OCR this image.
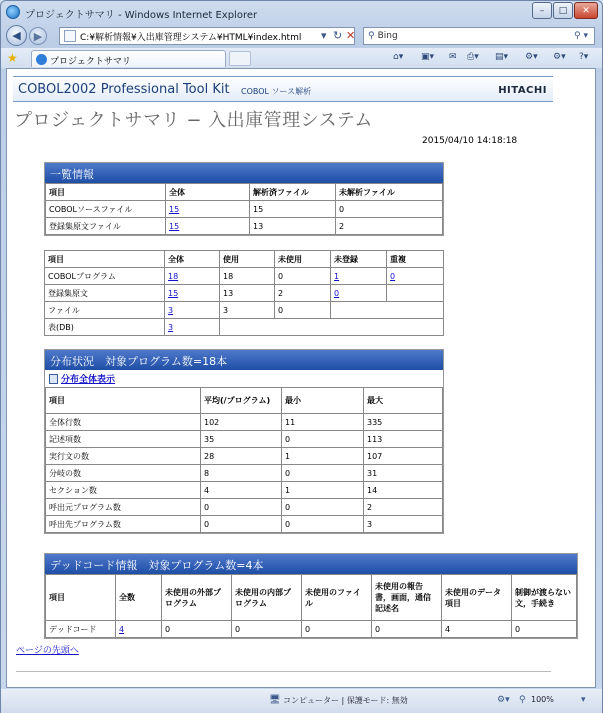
プロジェクトサマリ - Windows Internet Explorer	–	□	✕
◀	▶	C:¥解析情報¥入出庫管理システム¥HTML¥index.html ▾ ↻ ✕ ⚲ Bing	⚲ ▾
★	プロジェクトサマリ	⌂▾ ▣▾ ✉ ⎙▾ ▤▾ ⚙▾ ⚙▾ ?▾
COBOL2002 Professional Tool Kit COBOL ソース解析	HITACHI
プロジェクトサマリ − 入出庫管理システム
2015/04/10 14:18:18
一覧情報
項目	全体	解析済ファイル	未解析ファイル
COBOLソースファイル	15	15	0
登録集原文ファイル	15	13	2
項目	全体	使用	未使用	未登録	重複
COBOLプログラム	18	18	0	1	0
登録集原文	15	13	2	0	
ファイル	3	3	0		
表(DB)	3				
分布状況　対象プログラム数=18本
分布全体表示
項目	平均(/プログラム)	最小	最大
全体行数	102	11	335
記述項数	35	0	113
実行文の数	28	1	107
分岐の数	8	0	31
セクション数	4	1	14
呼出元プログラム数	0	0	2
呼出先プログラム数	0	0	3
デッドコード情報　対象プログラム数=4本
項目	全数	未使用の外部プログラム	未使用の内部プログラム	未使用のファイル	未使用の報告書，画面，通信記述名	未使用のデータ項目	制御が渡らない文，手続き
デッドコード	4	0	0	0	0	4	0
ページの先頭へ
🖥 コンピューター | 保護モード: 無効	⚙▾ ⚲ 100%	▾
